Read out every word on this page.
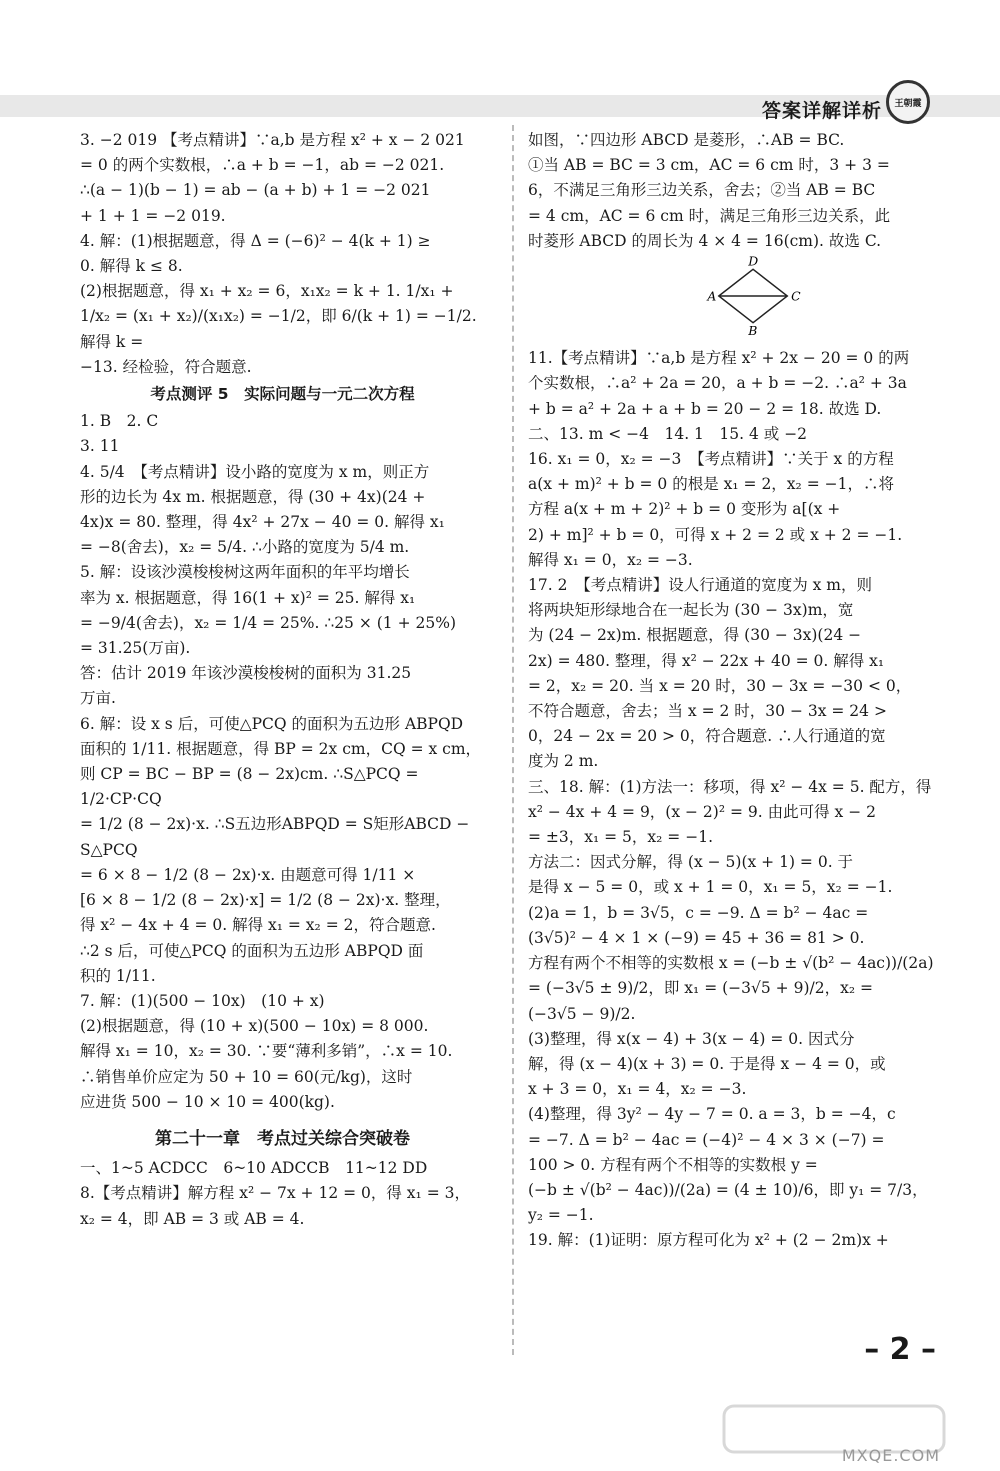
答案详解详析 王朝霞

3. −2 019 【考点精讲】∵a,b 是方程 x² + x − 2 021

= 0 的两个实数根，∴a + b = −1，ab = −2 021.

∴(a − 1)(b − 1) = ab − (a + b) + 1 = −2 021

+ 1 + 1 = −2 019.

4. 解：(1)根据题意，得 Δ = (−6)² − 4(k + 1) ≥

0. 解得 k ≤ 8.

(2)根据题意，得 x₁ + x₂ = 6，x₁x₂ = k + 1. 1/x₁ +

1/x₂ = (x₁ + x₂)/(x₁x₂) = −1/2，即 6/(k + 1) = −1/2. 解得 k =

−13. 经检验，符合题意.

考点测评 5　实际问题与一元二次方程

1. B　2. C

3. 11

4. 5/4　【考点精讲】设小路的宽度为 x m，则正方

形的边长为 4x m. 根据题意，得 (30 + 4x)(24 +

4x)x = 80. 整理，得 4x² + 27x − 40 = 0. 解得 x₁

= −8(舍去)，x₂ = 5/4. ∴小路的宽度为 5/4 m.

5. 解：设该沙漠梭梭树这两年面积的年平均增长

率为 x. 根据题意，得 16(1 + x)² = 25. 解得 x₁

= −9/4(舍去)，x₂ = 1/4 = 25%. ∴25 × (1 + 25%)

= 31.25(万亩).

答：估计 2019 年该沙漠梭梭树的面积为 31.25

万亩.

6. 解：设 x s 后，可使△PCQ 的面积为五边形 ABPQD

面积的 1/11. 根据题意，得 BP = 2x cm，CQ = x cm，

则 CP = BC − BP = (8 − 2x)cm. ∴S△PCQ = 1/2·CP·CQ

= 1/2 (8 − 2x)·x. ∴S五边形ABPQD = S矩形ABCD − S△PCQ

= 6 × 8 − 1/2 (8 − 2x)·x. 由题意可得 1/11 ×

[6 × 8 − 1/2 (8 − 2x)·x] = 1/2 (8 − 2x)·x. 整理，

得 x² − 4x + 4 = 0. 解得 x₁ = x₂ = 2，符合题意.

∴2 s 后，可使△PCQ 的面积为五边形 ABPQD 面

积的 1/11.

7. 解：(1)(500 − 10x)　(10 + x)

(2)根据题意，得 (10 + x)(500 − 10x) = 8 000.

解得 x₁ = 10，x₂ = 30. ∵要“薄利多销”，∴x = 10.

∴销售单价应定为 50 + 10 = 60(元/kg)，这时

应进货 500 − 10 × 10 = 400(kg).

第二十一章　考点过关综合突破卷

一、1~5 ACDCC　6~10 ADCCB　11~12 DD

8.【考点精讲】解方程 x² − 7x + 12 = 0，得 x₁ = 3，

x₂ = 4，即 AB = 3 或 AB = 4.

如图，∵四边形 ABCD 是菱形，∴AB = BC.

①当 AB = BC = 3 cm，AC = 6 cm 时，3 + 3 =

6，不满足三角形三边关系，舍去；②当 AB = BC

= 4 cm，AC = 6 cm 时，满足三角形三边关系，此

时菱形 ABCD 的周长为 4 × 4 = 16(cm). 故选 C.

A	C
D
B

11.【考点精讲】∵a,b 是方程 x² + 2x − 20 = 0 的两

个实数根，∴a² + 2a = 20，a + b = −2. ∴a² + 3a

+ b = a² + 2a + a + b = 20 − 2 = 18. 故选 D.

二、13. m < −4　14. 1　15. 4 或 −2

16. x₁ = 0，x₂ = −3　【考点精讲】∵关于 x 的方程

a(x + m)² + b = 0 的根是 x₁ = 2，x₂ = −1，∴将

方程 a(x + m + 2)² + b = 0 变形为 a[(x +

2) + m]² + b = 0，可得 x + 2 = 2 或 x + 2 = −1.

解得 x₁ = 0，x₂ = −3.

17. 2　【考点精讲】设人行通道的宽度为 x m，则

将两块矩形绿地合在一起长为 (30 − 3x)m，宽

为 (24 − 2x)m. 根据题意，得 (30 − 3x)(24 −

2x) = 480. 整理，得 x² − 22x + 40 = 0. 解得 x₁

= 2，x₂ = 20. 当 x = 20 时，30 − 3x = −30 < 0，

不符合题意，舍去；当 x = 2 时，30 − 3x = 24 >

0，24 − 2x = 20 > 0，符合题意. ∴人行通道的宽

度为 2 m.

三、18. 解：(1)方法一：移项，得 x² − 4x = 5. 配方，得

x² − 4x + 4 = 9，(x − 2)² = 9. 由此可得 x − 2

= ±3，x₁ = 5，x₂ = −1.

方法二：因式分解，得 (x − 5)(x + 1) = 0. 于

是得 x − 5 = 0，或 x + 1 = 0，x₁ = 5，x₂ = −1.

(2)a = 1，b = 3√5，c = −9. Δ = b² − 4ac =

(3√5)² − 4 × 1 × (−9) = 45 + 36 = 81 > 0.

方程有两个不相等的实数根 x = (−b ± √(b² − 4ac))/(2a)

= (−3√5 ± 9)/2，即 x₁ = (−3√5 + 9)/2，x₂ =

(−3√5 − 9)/2.

(3)整理，得 x(x − 4) + 3(x − 4) = 0. 因式分

解，得 (x − 4)(x + 3) = 0. 于是得 x − 4 = 0，或

x + 3 = 0，x₁ = 4，x₂ = −3.

(4)整理，得 3y² − 4y − 7 = 0. a = 3，b = −4，c

= −7. Δ = b² − 4ac = (−4)² − 4 × 3 × (−7) =

100 > 0. 方程有两个不相等的实数根 y =

(−b ± √(b² − 4ac))/(2a) = (4 ± 10)/6，即 y₁ = 7/3，y₂ = −1.

19. 解：(1)证明：原方程可化为 x² + (2 − 2m)x +

– 2 –
MXQE.COM
